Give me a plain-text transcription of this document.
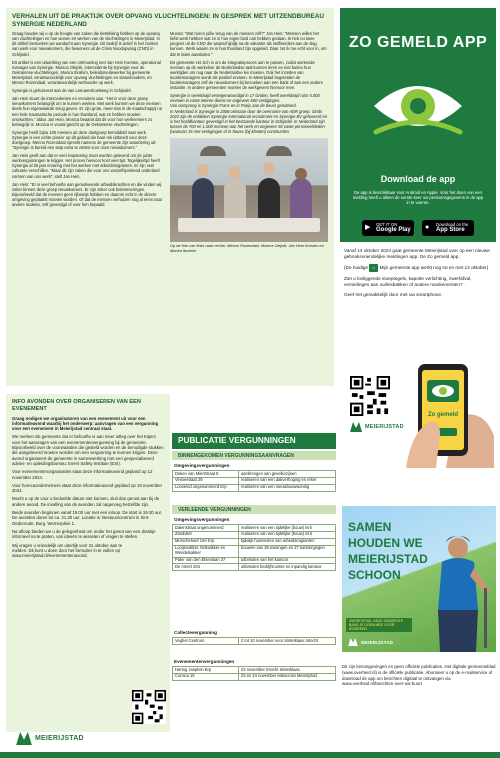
VERHALEN UIT DE PRAKTIJK OVER OPVANG VLUCHTELINGEN: IN GESPREK MET UITZENDBUREAU SYNERGIE NEDERLAND

Graag houden wij u op de hoogte van zaken die betrekking hebben op de opvang van vluchtelingen en hoe wonen en werken van de vluchtelingen in Meierijstad. In dit artikel bestoeken we aandacht aan Synergie. Dit bedrijf is actief in het zoeken van werk voor nieuwkomers, die bewoners uit de Crisis Noodopvang (CNO) in Schijndel.

Dit artikel is een uitwerking van een ontmoeting met Jan Hein Korsten, operational manager van Synergie. Monica Olejnik, intercedente bij Synergie voor de Oekraïense vluchtelingen, Munira Ibrahim, beleidsmedewerker bij gemeente Meierijstad, verantwoordelijk voor opvang vluchtelingen en statushouders, en Menno Rozendaal, verantwoordelijk wethouder op werk.

Synergie is gehuisvest aan de van Leeuwenhoekweg in Schijndel.

Jan Hein stuurt de intercedenten en recruiters aan. "Het is voor deze groep nieuwkomers belangrijk om te kunnen werken. Met werk kunnen we deze mensen deels hun eigenwaarde terug geven. Er zijn grote, meer-dan in de maatschappij na een hele traumatische periode in hun thuisland, wat ze hebben moeten ontvluchten," aldus Jan Hein. Monica beaamt dat dit voor hun werknemers zo belangrijk is. Monica is vooral gericht op de Oekraïense vluchtelingen.

Synergie heeft bijna 100 mensen uit deze doelgroep bemiddeld naar werk. Synergie is een echte pionier op dit gebied die haar rek uitbreidt voor deze doelgroep. Menno Rozendaal spreekt namens de gemeente zijn waardering uit: "Synergie is bereid een stap extra te zetten voor onze nieuwkomers."

Jan Hein geeft aan dat er veel inspanning moet worden geleverd om de juiste werkvergunningen te krijgen. Het proces hiervoor kost veel tijd. Tegelijkertijd heeft Synergie al 25 jaar ervaring met het werken met arbeidsmigranten. Er zijn veel culturele verschillen. "Maar dit zijn zaken die voor ons vanzelfsprekend onderdeel vormen van ons werk", stelt Jan Hein.

Jan Hein: "Er is veel behoefte aan gemotiveerde arbeidskrachten en die vinden wij zeker binnen deze groep nieuwkomers. Er zijn zeker ook belemmeringen. Bijvoorbeeld dat de mensen geen rijbewijs hebben en daarom echt in de directe omgeving geplaatst moeten worden. Of dat de mensen verhuizen nog al eens naar andere locaties, zelf gevestigd of voor hen bepaald.

Munira: "Wat horen jullie terug van de mensen zelf?" Jan Hein: "Mensen willen het liefst werk hebben wat ze in hun eigen land ook hebben gedaan. Ik heb nu twee jongens uit de CNO die waarschijnlijk na de vakantie als stoffeerders aan de slag kunnen. Werk waarin ze in hun thuisland zijn opgeleid. Daar zet ik me echt voor in, om dat te laten aansluiten."

De gemeente zet zich in om de integratieproces aan te passen, zodat werkende mensen op de werkvloer de Nederlandse taal kunnen leren en niet buiten hun werktijden om nog naar de Nederlandse les moeten. Ook het inzetten van locatiemanagers wordt als positief ervaren. In Meierijstad begeleiden de locatiemanagers zelf de nieuwkomers bij bezoeken aan een bank of aan een andere instantie. In andere gemeenten moeten de werkgevers hiervoor mee.

Synergie is wereldwijd vertegenwoordigd in 17 landen, heeft wereldwijd ruim 5.000 mensen in vaste interne dienst en ongeveer 800 vestigingen.
Van oorsprong is Synergie Frans en in Parijs aan de beurs genoteerd.
In Nederland is Synergie in 2008 ontstaan door de overname van ADR groep. Sinds 2022 zijn de entiteiten Synergie International recruitment en Synergie BV gefuseerd en is het hoofdkantoor gevestigd in het bestaande kantoor in Schijndel. In Nederland zijn tussen de 700 en 1.000 mensen aan het werk en ongeveer 50 vaste personeelsleden (waarvan 15 met vestigingen of in-house (bij klanten) constructies.

Op de foto van links naar rechts: Menno Rozendaal, Monica Olejnik, Jan Hein Korsten en Munira Ibrahim

ZO GEMELD APP
Download de app
De app is beschikbaar voor Android en Apple. Voor het doen van een melding heeft u alleen de eerste keer uw persoonsgegevens in de app in te voeren.
▶ GET IT ON
Google Play ● Download on the
App Store

Vanaf 14 oktober 2024 gaat gemeente Meierijstad over op een nieuwe gebruiksvriendelijke meldingen app. De Zo gemeld app.

(De huidige ⌂ Mijn gemeente app werkt nog tot en met 13 oktober)

Ziet u losliggende stoeptegels, kapotte verlichting, zwerfafval, vernielingen aan vuilnisbakken of andere mankementen?

Geef het gemakkelijk door met uw smartphone.

MEIERIJSTAD
Zo gemeld
INFO AVONDEN OVER ORGANISEREN VAN EEN EVENEMENT

Graag nodigen we organisatoren van een evenement uit voor een informatieavond waarbij het onderwerp: aanvragen van een vergunning voor een evenement in Meierijstad centraal staat.

We merken als gemeente dat er behoefte is aan meer uitleg over het traject voor het aanvragen van een evenementenvergunning bij de gemeente. Bijvoorbeeld over de voorwaarden die gesteld worden en de benodigde stukken die aangeleverd moeten worden om een vergunning te kunnen krijgen. Deze avond organiseert de gemeente in samenwerking met een gespecialiseerd advies- en opleidingsbureau: Event Safety Institute (ESI).

Voor evenementenorganisaties staat deze informatieavond gepland op 12 november 2024.

Voor horecaondernemers staat deze informatieavond gepland op 19 november 2024.

Mocht u op de voor u bedoelde datum niet kunnen, sluit dan gerust aan bij de andere avond. De invulling van de avonden zal nagenoeg hetzelfde zijn.

Beide avonden beginnen vanaf 19.00 uur met een inloop. De start is 19.30 uur. De avonden duren tot ca. 21.30 uur. Locatie is: Bestuurscentrum in Sint-Oedenrode, Burg. Wernerplein 1.

Na afloop bieden we u de gelegenheid om onder het genot van een drankje informeel na te praten, van ideeën te wisselen of vragen te stellen.

Wij vragen u vriendelijk om uiterlijk voor 31 oktober aan te melden. Dit kunt u doen door het formulier in te vullen op www.meierijstad.nl/evenementenavond.

MEIERIJSTAD
PUBLICATIE VERGUNNINGEN
BINNENGEKOMEN VERGUNNINGSAANVRAGEN
Omgevingsvergunningen
Deken van Miertstraat 8	aanbrengen van gevelkozijnen
Venseetraat 29	realiseren van een dakverhoging en erker
Looveind ongenummerd Erp	realiseren van een nieuwbouwwoning
VERLEENDE VERGUNNINGEN
Omgevingsvergunningen
Dalenstraat ongenummerd	realiseren van een tijdelijke (bouw) inrit
Zandvliet	realiseren van een tijdelijke (bouw) inrit
Morschehoef 19A Erp	tijdelijk huisvesten van arbeidsmigranten
Looijenakker, Delisakker en Wendelsakker	bouwen van 38 woningen en 27 tuinbergingen
Pater van den Elsenlaan 37	uitbreiden van het kantoor
De Amert 204	uitbreiden bedrijfsruimte en inpandig kantoor
Collectevergunning
Veghel Centrum	2 tot 10 november voor Sinterklaas Intocht
Evenementenvergunningen
Hertog Janplein Erp	23 november Intocht Sinterklaas
Corsica 15	23 en 24 november Maiscross Meierijstad
SAMEN
HOUDEN WE
MEIERIJSTAD
SCHOON
ZWERFAFVAL ONZE GEMEENTE BAAS JE DOEN MEE VOOR IEDEREEN
MEIERIJSTAD

Dit zijn kennisgevingen en geen officiële publicaties. Het digitale gemeenteblad (www.overheid.nl) is de officiële publicatie. Abonneer u op de e-mailservice of download de app om berichten digitaal te ontvangen via www.overheid.nl/berichten-over-uw-buurt
